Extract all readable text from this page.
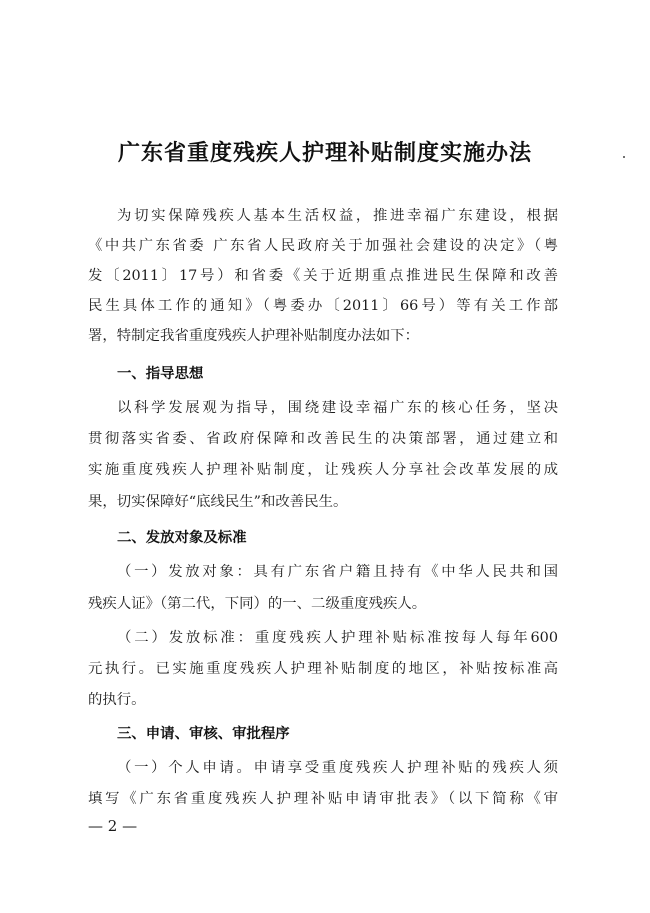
广东省重度残疾人护理补贴制度实施办法
为切实保障残疾人基本生活权益，推进幸福广东建设，根据
《中共广东省委 广东省人民政府关于加强社会建设的决定》（粤
发〔2011〕17号）和省委《关于近期重点推进民生保障和改善
民生具体工作的通知》（粤委办〔2011〕66号）等有关工作部
署，特制定我省重度残疾人护理补贴制度办法如下：
一、指导思想
以科学发展观为指导，围绕建设幸福广东的核心任务，坚决
贯彻落实省委、省政府保障和改善民生的决策部署，通过建立和
实施重度残疾人护理补贴制度，让残疾人分享社会改革发展的成
果，切实保障好“底线民生”和改善民生。
二、发放对象及标准
（一）发放对象：具有广东省户籍且持有《中华人民共和国
残疾人证》（第二代，下同）的一、二级重度残疾人。
（二）发放标准：重度残疾人护理补贴标准按每人每年600
元执行。已实施重度残疾人护理补贴制度的地区，补贴按标准高
的执行。
三、申请、审核、审批程序
（一）个人申请。申请享受重度残疾人护理补贴的残疾人须
填写《广东省重度残疾人护理补贴申请审批表》（以下简称《审
— 2 —
